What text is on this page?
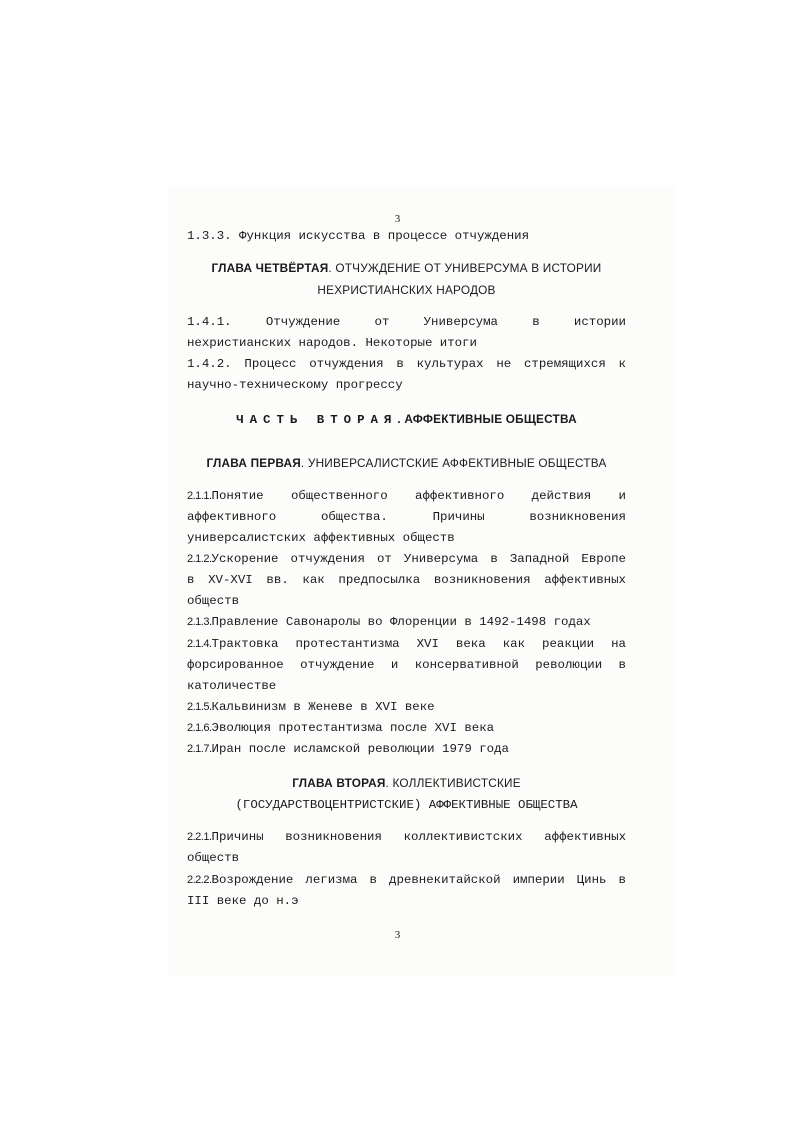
3
1.3.3. Функция искусства в процессе отчуждения
ГЛАВА ЧЕТВЁРТАЯ. ОТЧУЖДЕНИЕ ОТ УНИВЕРСУМА В ИСТОРИИ
НЕХРИСТИАНСКИХ НАРОДОВ
1.4.1.	Отчуждение	от	Универсума	в	истории
нехристианских народов. Некоторые итоги
1.4.2. Процесс отчуждения в культурах не стремящихся к
научно-техническому прогрессу
ЧАСТЬ ВТОРАЯ. АФФЕКТИВНЫЕ ОБЩЕСТВА
ГЛАВА ПЕРВАЯ. УНИВЕРСАЛИСТСКИЕ АФФЕКТИВНЫЕ ОБЩЕСТВА
2.1.1.Понятие общественного аффективного действия и
аффективного общества. Причины возникновения
универсалистских аффективных обществ
2.1.2.Ускорение отчуждения от Универсума в Западной Европе
в XV-XVI вв. как предпосылка возникновения аффективных
обществ
2.1.3.Правление Савонаролы во Флоренции в 1492-1498 годах
2.1.4.Трактовка протестантизма XVI века как реакции на
форсированное отчуждение и консервативной революции в
католичестве
2.1.5.Кальвинизм в Женеве в XVI веке
2.1.6.Эволюция протестантизма после XVI века
2.1.7.Иран после исламской революции 1979 года
ГЛАВА ВТОРАЯ. КОЛЛЕКТИВИСТСКИЕ
(ГОСУДАРСТВОЦЕНТРИСТСКИЕ) АФФЕКТИВНЫЕ ОБЩЕСТВА
2.2.1.Причины возникновения коллективистских аффективных
обществ
2.2.2.Возрождение легизма в древнекитайской империи Цинь в
III веке до н.э
3
